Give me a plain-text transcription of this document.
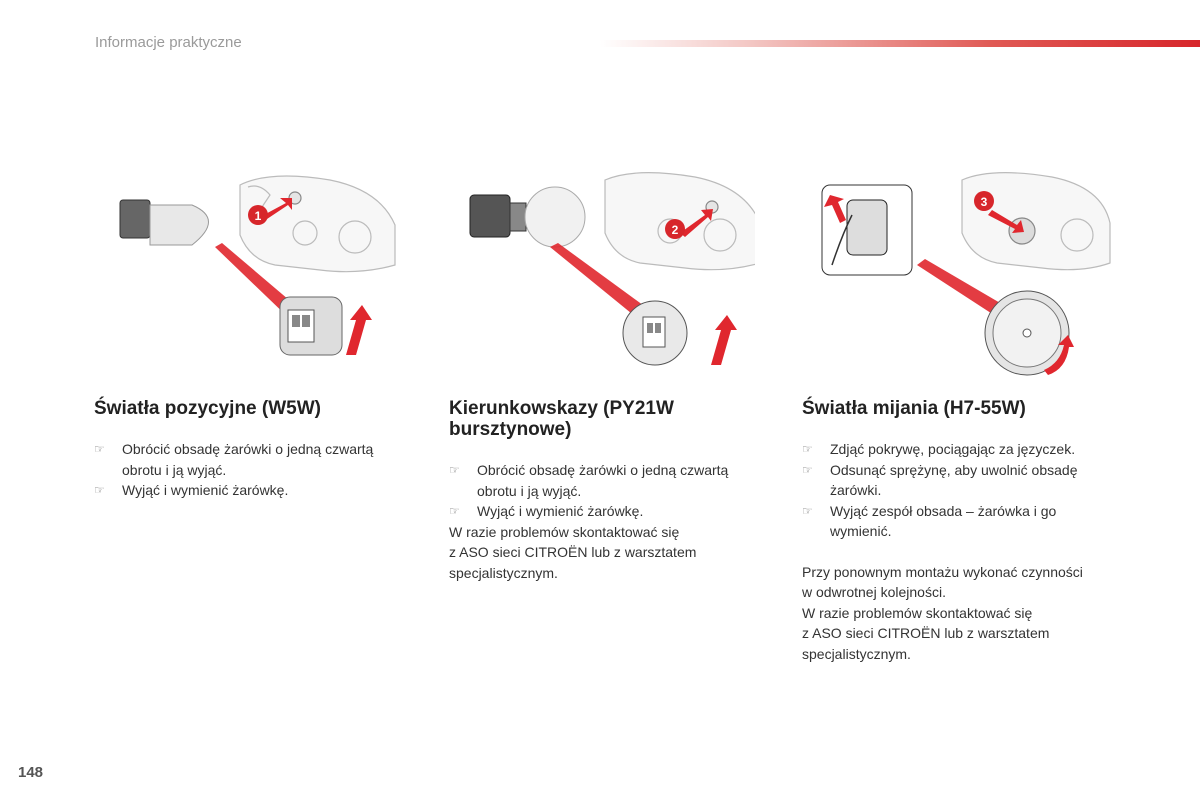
Informacje praktyczne
1
2
3
Światła pozycyjne (W5W)
☞ Obrócić obsadę żarówki o jedną czwartą obrotu i ją wyjąć.
☞ Wyjąć i wymienić żarówkę.
Kierunkowskazy (PY21W bursztynowe)
☞ Obrócić obsadę żarówki o jedną czwartą obrotu i ją wyjąć.
☞ Wyjąć i wymienić żarówkę.

W razie problemów skontaktować się

z ASO sieci CITROËN lub z warsztatem

specjalistycznym.

Światła mijania (H7-55W)
☞ Zdjąć pokrywę, pociągając za języczek.
☞ Odsunąć sprężynę, aby uwolnić obsadę żarówki.
☞ Wyjąć zespół obsada – żarówka i go wymienić.

Przy ponownym montażu wykonać czynności

w odwrotnej kolejności.

W razie problemów skontaktować się

z ASO sieci CITROËN lub z warsztatem

specjalistycznym.

148
